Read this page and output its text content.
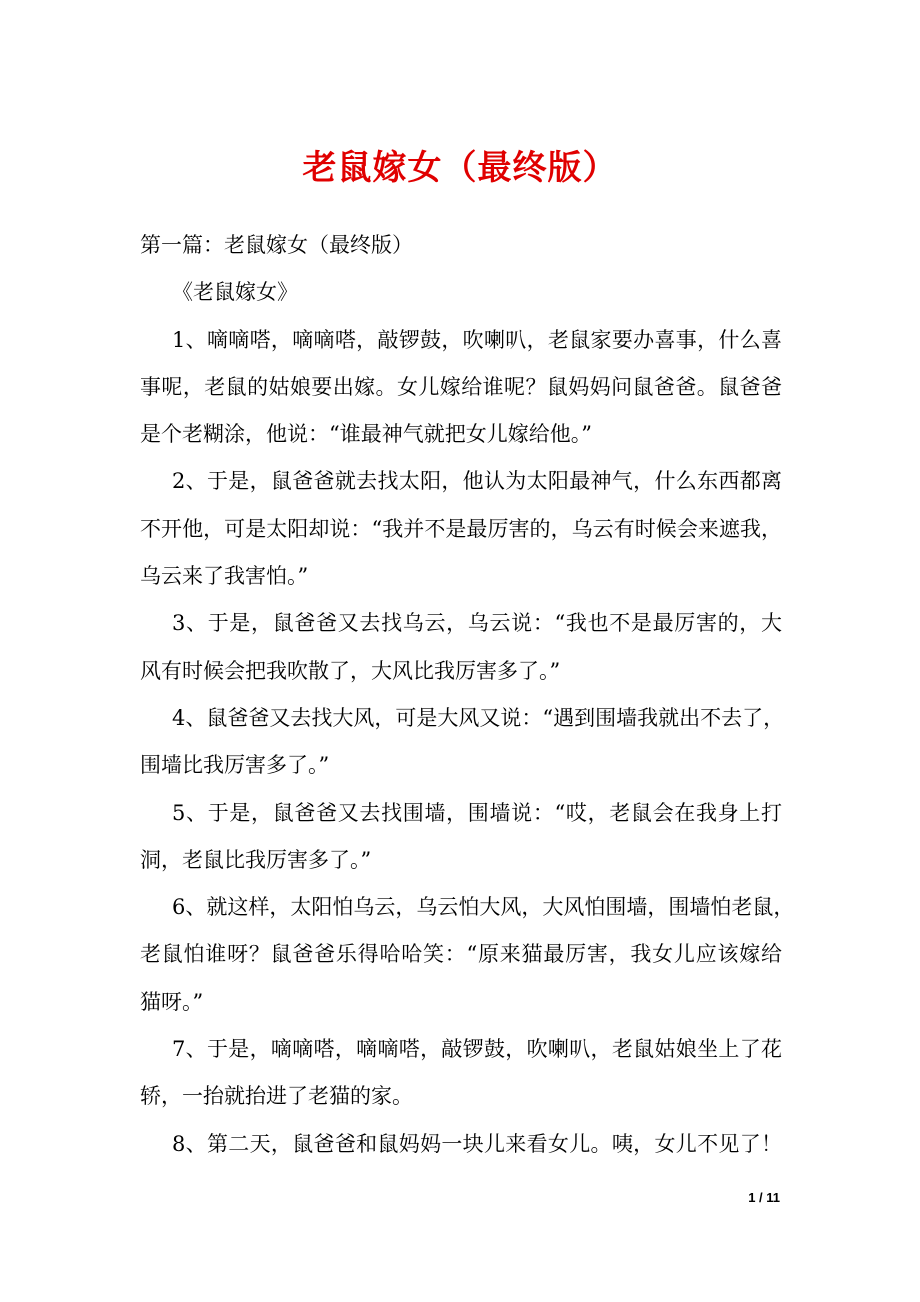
老鼠嫁女（最终版）

第一篇：老鼠嫁女（最终版）

《老鼠嫁女》

1、嘀嘀嗒，嘀嘀嗒，敲锣鼓，吹喇叭，老鼠家要办喜事，什么喜

事呢，老鼠的姑娘要出嫁。女儿嫁给谁呢？鼠妈妈问鼠爸爸。鼠爸爸

是个老糊涂，他说：“谁最神气就把女儿嫁给他。”

2、于是，鼠爸爸就去找太阳，他认为太阳最神气，什么东西都离

不开他，可是太阳却说：“我并不是最厉害的，乌云有时候会来遮我，

乌云来了我害怕。”

3、于是，鼠爸爸又去找乌云，乌云说：“我也不是最厉害的，大

风有时候会把我吹散了，大风比我厉害多了。”

4、鼠爸爸又去找大风，可是大风又说：“遇到围墙我就出不去了，

围墙比我厉害多了。”

5、于是，鼠爸爸又去找围墙，围墙说：“哎，老鼠会在我身上打

洞，老鼠比我厉害多了。”

6、就这样，太阳怕乌云，乌云怕大风，大风怕围墙，围墙怕老鼠，

老鼠怕谁呀？鼠爸爸乐得哈哈笑：“原来猫最厉害，我女儿应该嫁给

猫呀。”

7、于是，嘀嘀嗒，嘀嘀嗒，敲锣鼓，吹喇叭，老鼠姑娘坐上了花

轿，一抬就抬进了老猫的家。

8、第二天，鼠爸爸和鼠妈妈一块儿来看女儿。咦，女儿不见了！

1 / 11
